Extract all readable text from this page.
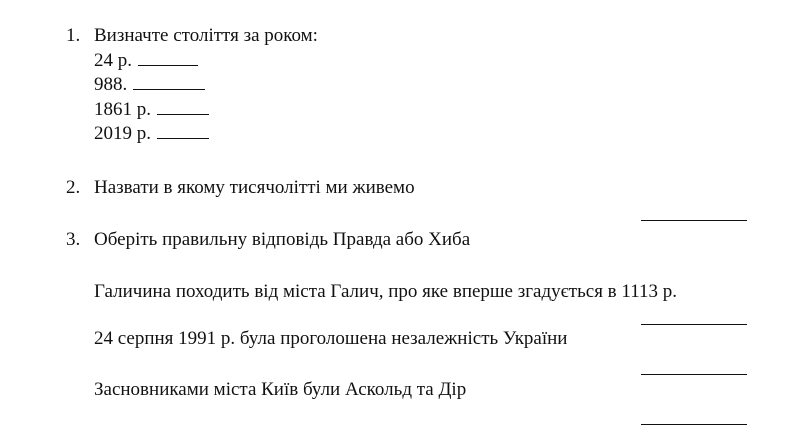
1. Визначте століття за роком:
24 р.
988.
1861 р.
2019 р.
2. Назвати в якому тисячолітті ми живемо
3. Оберіть правильну відповідь Правда або Хиба
Галичина походить від міста Галич, про яке вперше згадується в 1113 р.
24 серпня 1991 р. була проголошена незалежність України
Засновниками міста Київ були Аскольд та Дір
